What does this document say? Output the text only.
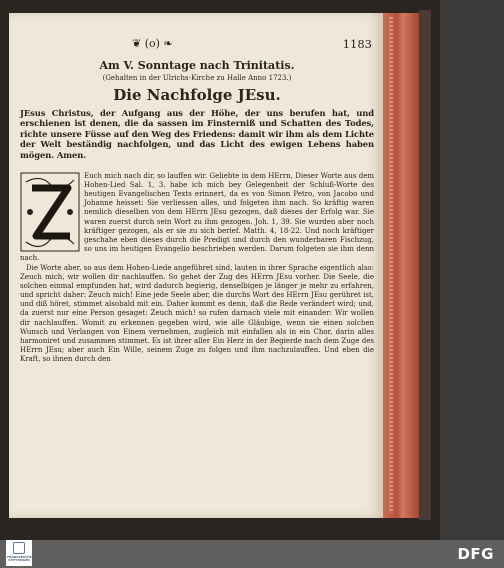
❦ (o) ❧	1183

Am V. Sonntage nach Trinitatis.

(Gehalten in der Ulrichs-Kirche zu Halle Anno 1723.)

Die Nachfolge JEsu.

JEsus Christus, der Aufgang aus der Höhe, der uns berufen hat, und erschienen ist denen, die da sassen im Finsterniß und Schatten des Todes, richte unsere Füsse auf den Weg des Friedens: damit wir ihm als dem Lichte der Welt beständig nachfolgen, und das Licht des ewigen Lebens haben mögen. Amen.

Z

Euch mich nach dir, so lauffen wir. Geliebte in dem HErrn, Dieser Worte aus dem Hohen-Lied Sal. 1, 3. habe ich mich bey Gelegenheit der Schluß-Worte des heutigen Evangelischen Texts erinnert, da es von Simon Petro, von Jacobo und Johanne heisset: Sie verliessen alles, und folgeten ihm nach. So kräftig waren nemlich dieselben von dem HErrn JEsu gezogen, daß dieses der Erfolg war. Sie waren zuerst durch sein Wort zu ihm gezogen. Joh. 1, 39. Sie wurden aber noch kräftiger gezogen, als er sie zu sich berief. Matth. 4, 18-22. Und noch kräftiger geschahe eben dieses durch die Predigt und durch den wunderbaren Fischzug, so uns im heutigen Evangelio beschrieben werden. Darum folgeten sie ihm denn nach.

Die Worte aber, so aus dem Hohen-Liede angeführet sind, lauten in ihrer Sprache eigentlich also: Zeuch mich, wir wollen dir nachlauffen. So gehet der Zug des HErrn JEsu vorher. Die Seele, die solchen einmal empfunden hat, wird dadurch begierig, denselbigen je länger je mehr zu erfahren, und spricht daher: Zeuch mich! Eine jede Seele aber, die durchs Wort des HErrn JEsu gerühret ist, und diß höret, stimmet alsobald mit ein. Daher kommt es denn, daß die Rede verändert wird; und, da zuerst nur eine Person gesaget: Zeuch mich! so rufen darnach viele mit einander: Wir wollen dir nachlauffen. Womit zu erkennen gegeben wird, wie alle Gläubige, wenn sie einen solchen Wunsch und Verlangen von Einem vernehmen, zugleich mit einfallen als in ein Chor, darin alles harmoniret und zusammen stimmet. Es ist ihrer aller Ein Herz in der Begierde nach dem Zuge des HErrn JEsu; aber auch Ein Wille, seinem Zuge zu folgen und ihm nachzulauffen. Und eben die Kraft, so ihnen durch den

FRANCKESCHE STIFTUNGEN	DFG
